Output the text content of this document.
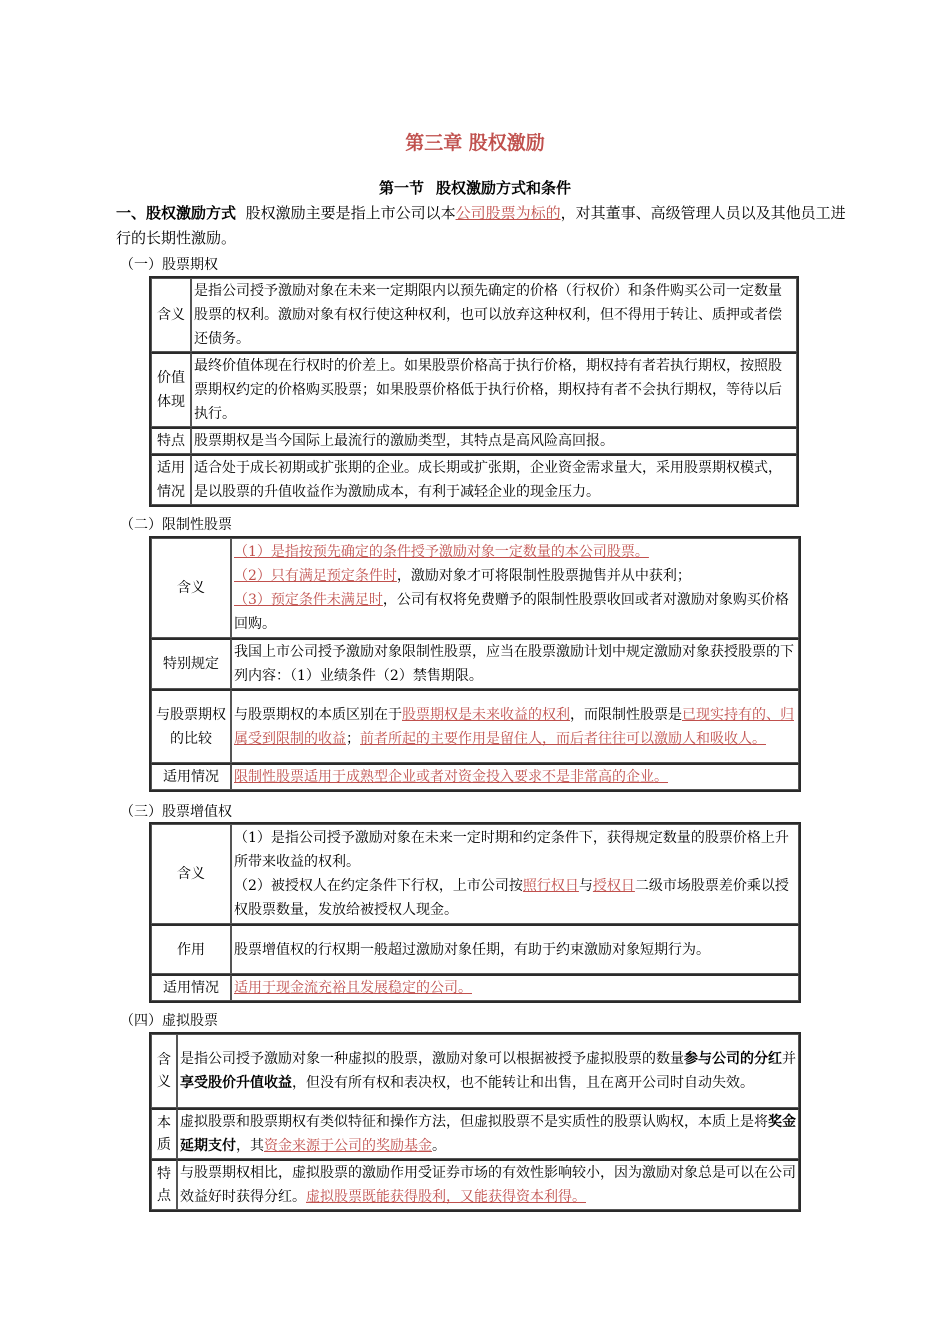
第三章 股权激励
第一节 股权激励方式和条件
一、股权激励方式 股权激励主要是指上市公司以本公司股票为标的，对其董事、高级管理人员以及其他员工进行的长期性激励。
（一）股票期权
含义	是指公司授予激励对象在未来一定期限内以预先确定的价格（行权价）和条件购买公司一定数量股票的权利。激励对象有权行使这种权利，也可以放弃这种权利，但不得用于转让、质押或者偿还债务。
价值体现	最终价值体现在行权时的价差上。如果股票价格高于执行价格，期权持有者若执行期权，按照股票期权约定的价格购买股票；如果股票价格低于执行价格，期权持有者不会执行期权，等待以后执行。
特点	股票期权是当今国际上最流行的激励类型，其特点是高风险高回报。
适用情况	适合处于成长初期或扩张期的企业。成长期或扩张期，企业资金需求量大，采用股票期权模式，是以股票的升值收益作为激励成本，有利于减轻企业的现金压力。
（二）限制性股票
含义	（1）是指按预先确定的条件授予激励对象一定数量的本公司股票。
（2）只有满足预定条件时，激励对象才可将限制性股票抛售并从中获利；
（3）预定条件未满足时，公司有权将免费赠予的限制性股票收回或者对激励对象购买价格回购。

特别规定	我国上市公司授予激励对象限制性股票，应当在股票激励计划中规定激励对象获授股票的下列内容：（1）业绩条件（2）禁售期限。
与股票期权的比较	与股票期权的本质区别在于股票期权是未来收益的权利，而限制性股票是已现实持有的、归属受到限制的收益；前者所起的主要作用是留住人，而后者往往可以激励人和吸收人。
适用情况	限制性股票适用于成熟型企业或者对资金投入要求不是非常高的企业。
（三）股票增值权
含义	（1）是指公司授予激励对象在未来一定时期和约定条件下，获得规定数量的股票价格上升所带来收益的权利。
（2）被授权人在约定条件下行权，上市公司按照行权日与授权日二级市场股票差价乘以授权股票数量，发放给被授权人现金。

作用	股票增值权的行权期一般超过激励对象任期，有助于约束激励对象短期行为。
适用情况	适用于现金流充裕且发展稳定的公司。
（四）虚拟股票
含义	是指公司授予激励对象一种虚拟的股票，激励对象可以根据被授予虚拟股票的数量参与公司的分红并享受股价升值收益，但没有所有权和表决权，也不能转让和出售，且在离开公司时自动失效。
本质	虚拟股票和股票期权有类似特征和操作方法，但虚拟股票不是实质性的股票认购权，本质上是将奖金延期支付，其资金来源于公司的奖励基金。
特点	与股票期权相比，虚拟股票的激励作用受证券市场的有效性影响较小，因为激励对象总是可以在公司效益好时获得分红。虚拟股票既能获得股利，又能获得资本利得。
